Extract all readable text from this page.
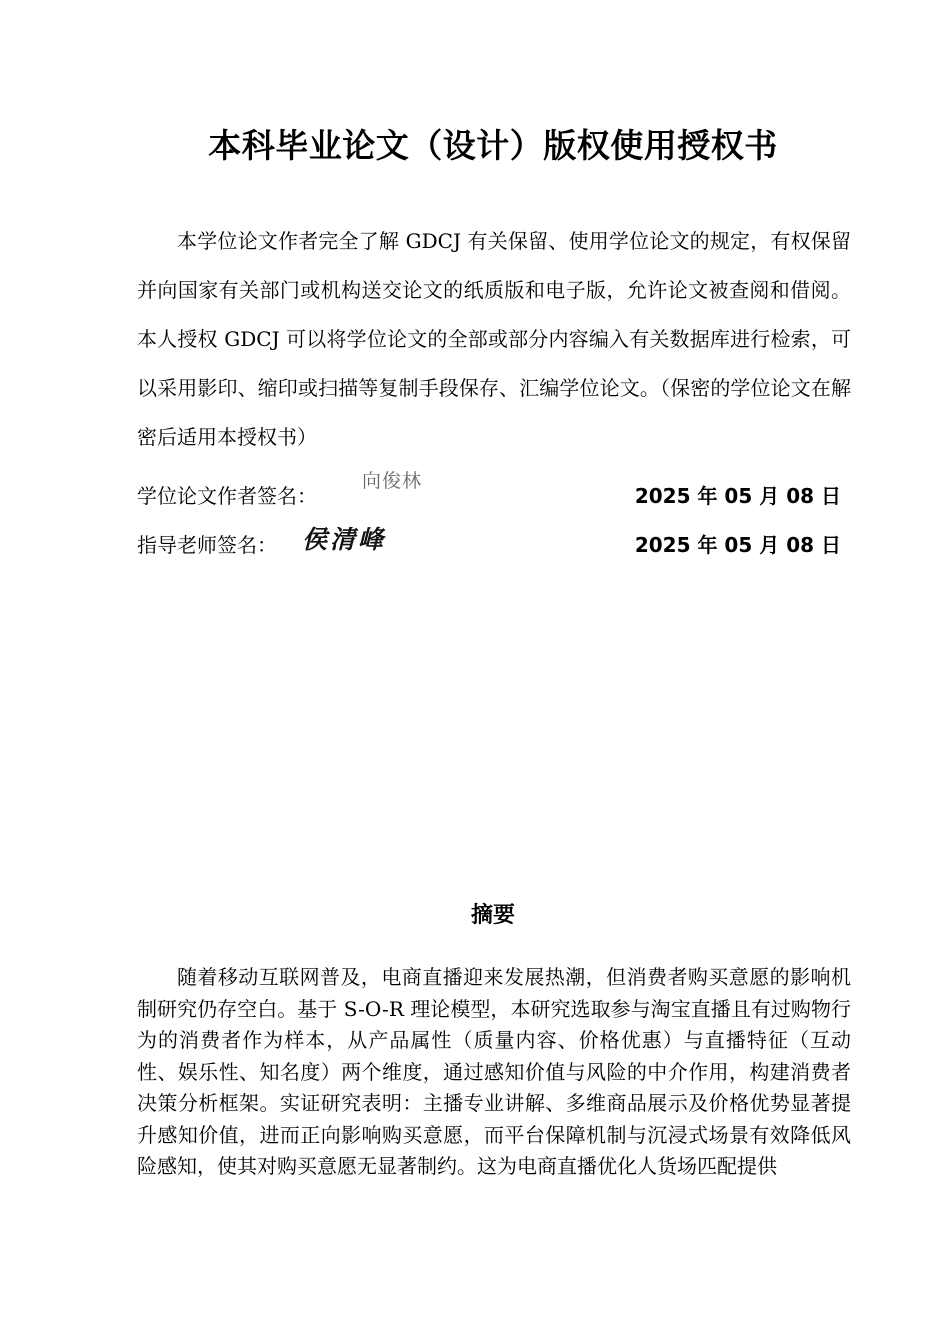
本科毕业论文（设计）版权使用授权书
本学位论文作者完全了解 GDCJ 有关保留、使用学位论文的规定，有权保留并向国家有关部门或机构送交论文的纸质版和电子版，允许论文被查阅和借阅。本人授权 GDCJ 可以将学位论文的全部或部分内容编入有关数据库进行检索，可以采用影印、缩印或扫描等复制手段保存、汇编学位论文。（保密的学位论文在解密后适用本授权书）
学位论文作者签名：
向俊林
2025 年 05 月 08 日
指导老师签名： 侯清峰	2025 年 05 月 08 日
摘要
随着移动互联网普及，电商直播迎来发展热潮，但消费者购买意愿的影响机制研究仍存空白。基于 S-O-R 理论模型，本研究选取参与淘宝直播且有过购物行为的消费者作为样本，从产品属性（质量内容、价格优惠）与直播特征（互动性、娱乐性、知名度）两个维度，通过感知价值与风险的中介作用，构建消费者决策分析框架。实证研究表明：主播专业讲解、多维商品展示及价格优势显著提升感知价值，进而正向影响购买意愿，而平台保障机制与沉浸式场景有效降低风险感知，使其对购买意愿无显著制约。这为电商直播优化人货场匹配提供
